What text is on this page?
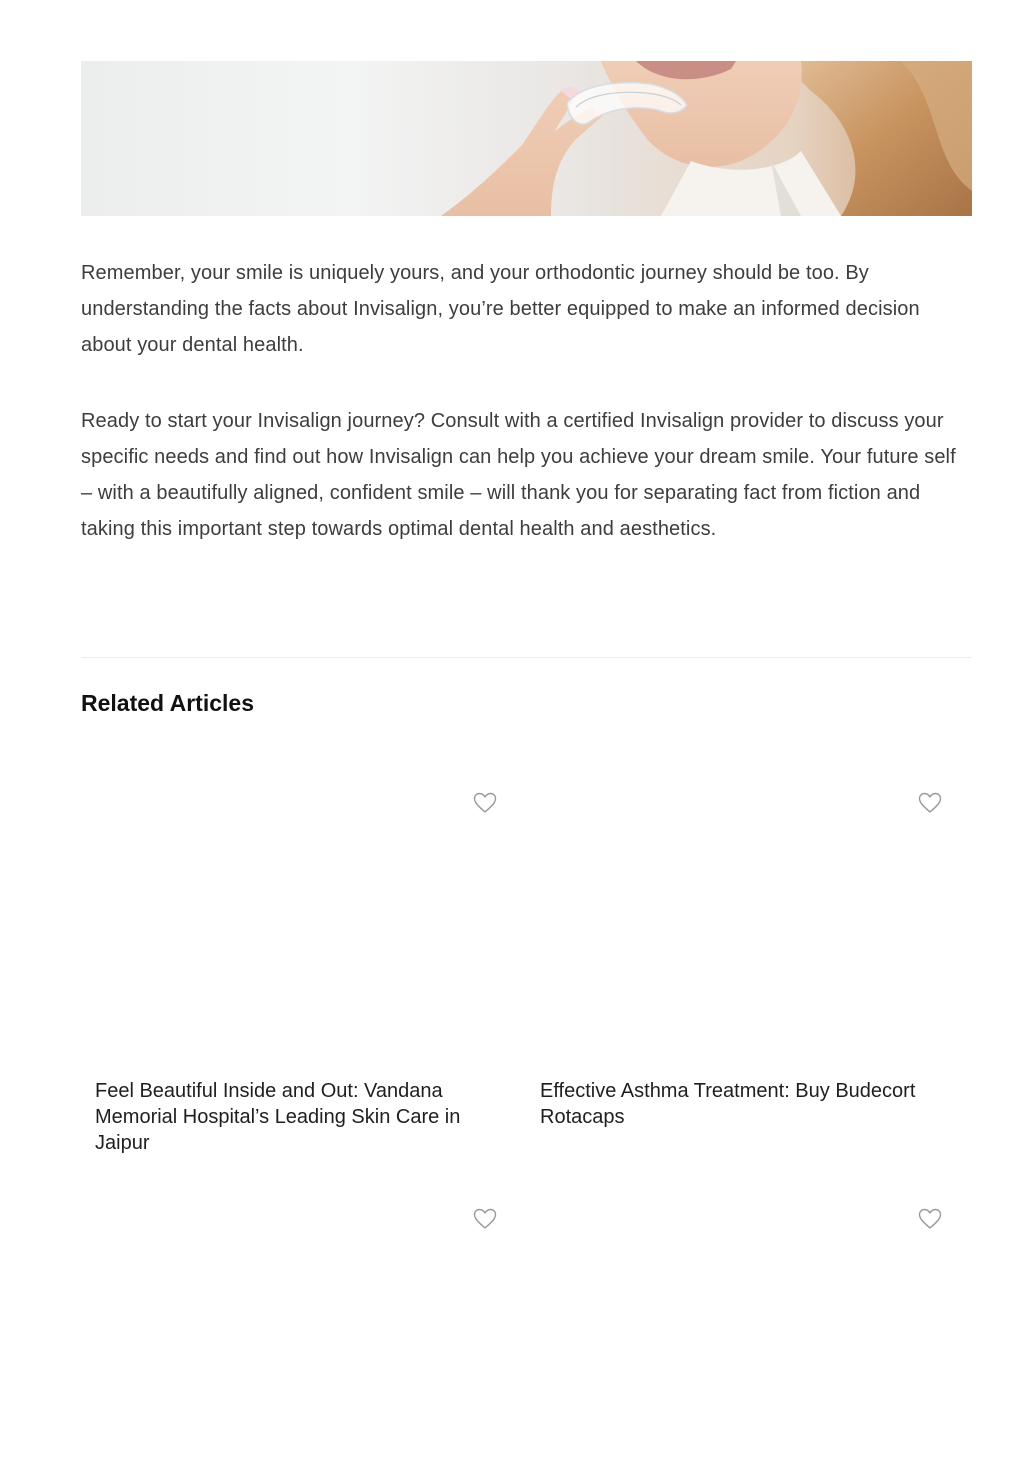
Remember, your smile is uniquely yours, and your orthodontic journey should be too. By understanding the facts about Invisalign, you’re better equipped to make an informed decision about your dental health.

Ready to start your Invisalign journey? Consult with a certified Invisalign provider to discuss your specific needs and find out how Invisalign can help you achieve your dream smile. Your future self – with a beautifully aligned, confident smile – will thank you for separating fact from fiction and taking this important step towards optimal dental health and aesthetics.

Related Articles

Feel Beautiful Inside and Out: Vandana Memorial Hospital’s Leading Skin Care in Jaipur

Effective Asthma Treatment: Buy Budecort Rotacaps
